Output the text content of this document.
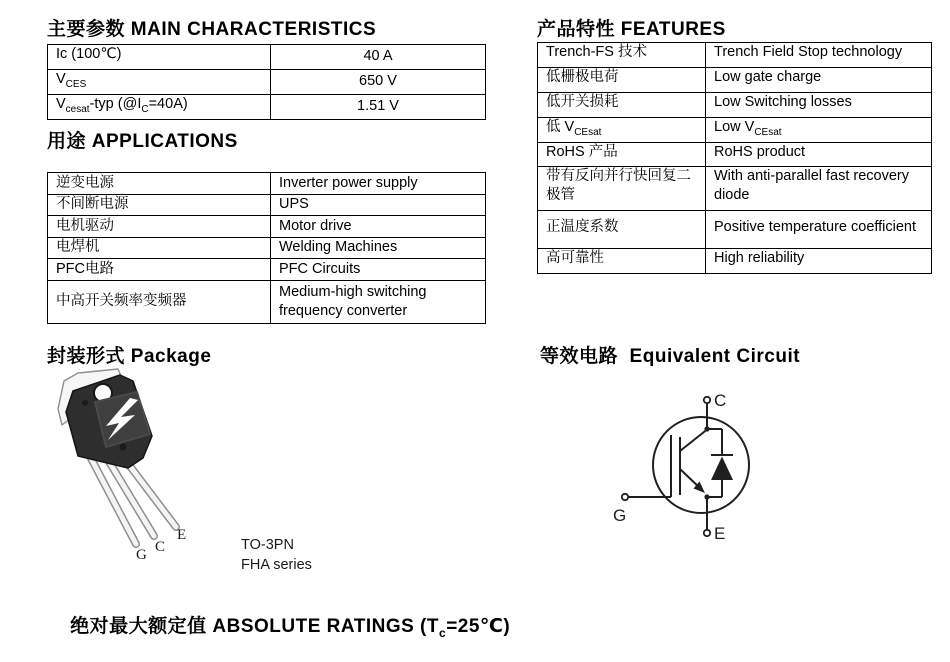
主要参数 MAIN CHARACTERISTICS
Ic (100℃)	40 A
$V_{CES}$	650 V
$V_{cesat}$-typ $(@I_C=40A)$	1.51 V
用途 APPLICATIONS
逆变电源	Inverter power supply
不间断电源	UPS
电机驱动	Motor drive
电焊机	Welding Machines
PFC电路	PFC Circuits
中高开关频率变频器	Medium-high switching frequency converter
产品特性 FEATURES
Trench-FS 技术	Trench Field Stop technology
低栅极电荷	Low gate charge
低开关损耗	Low Switching losses
低 $V_{CEsat}$	Low $V_{CEsat}$
RoHS 产品	RoHS product
带有反向并行快回复二极管	With anti-parallel fast recovery diode
正温度系数	Positive temperature coefficient
高可靠性	High reliability
封装形式 Package
G C
E
TO-3PN
FHA series
等效电路  Equivalent Circuit
C
G
E

绝对最大额定值 ABSOLUTE RATINGS $(T_c=25℃)$
